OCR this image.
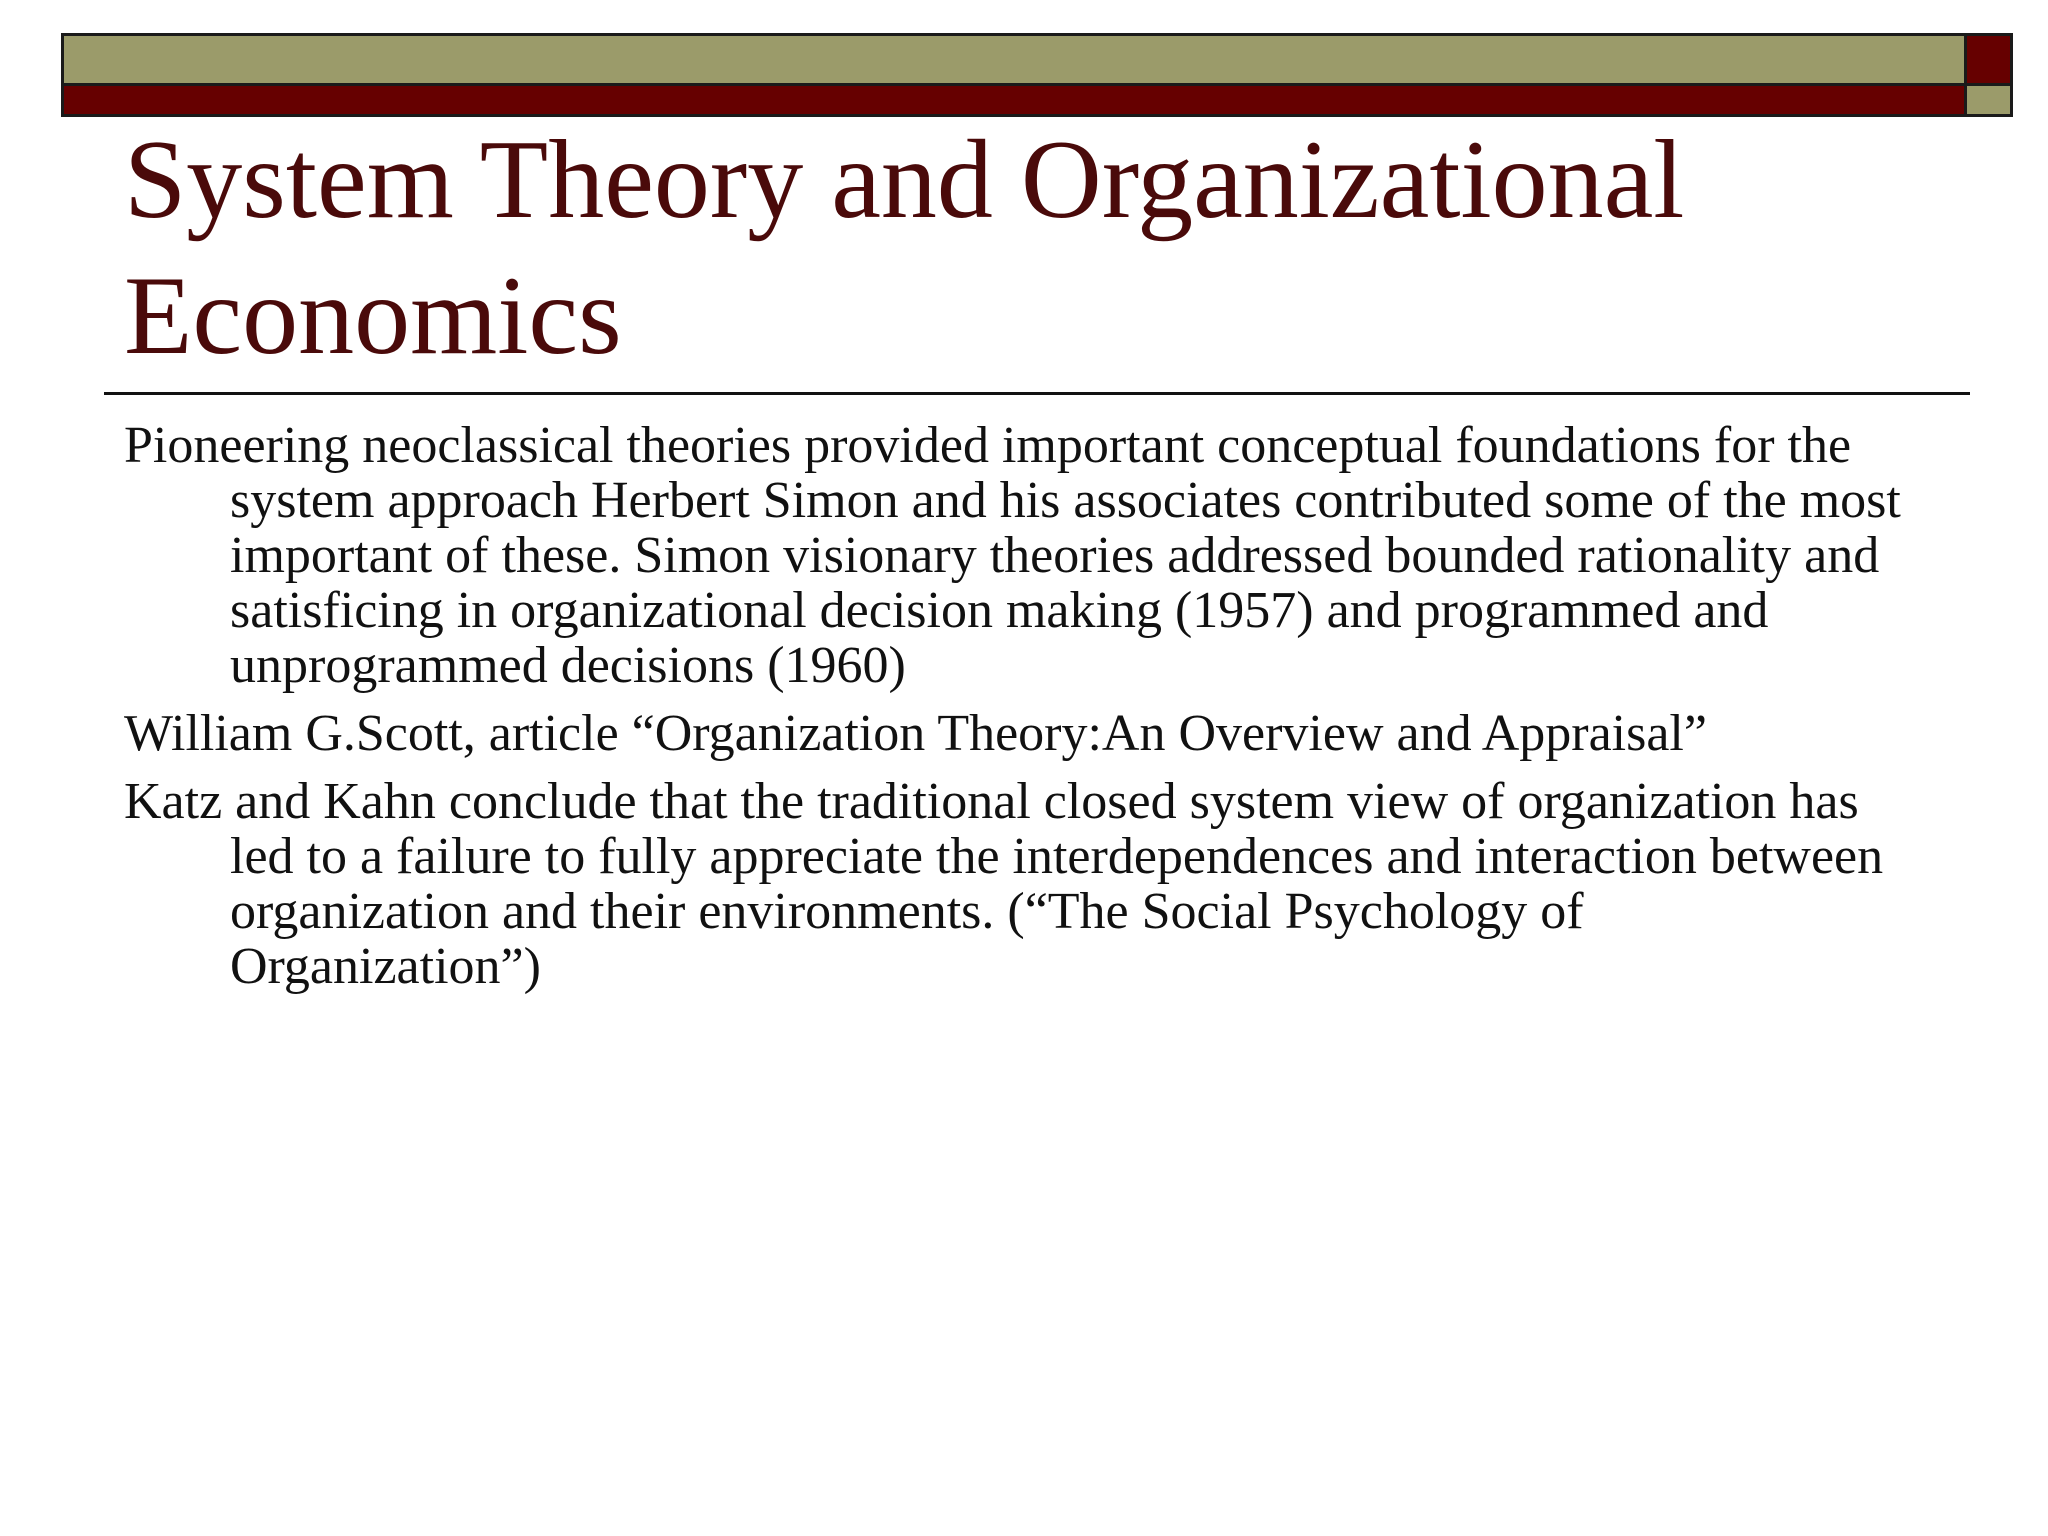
System Theory and Organizational Economics
Pioneering neoclassical theories provided important conceptual foundations for the system approach Herbert Simon and his associates contributed some of the most important of these. Simon visionary theories addressed bounded rationality and satisficing in organizational decision making (1957) and programmed and unprogrammed decisions (1960)
William G.Scott, article “Organization Theory:An Overview and Appraisal”
Katz and Kahn conclude that the traditional closed system view of organization has led to a failure to fully appreciate the interdependences and interaction between organization and their environments. (“The Social Psychology of Organization”)
